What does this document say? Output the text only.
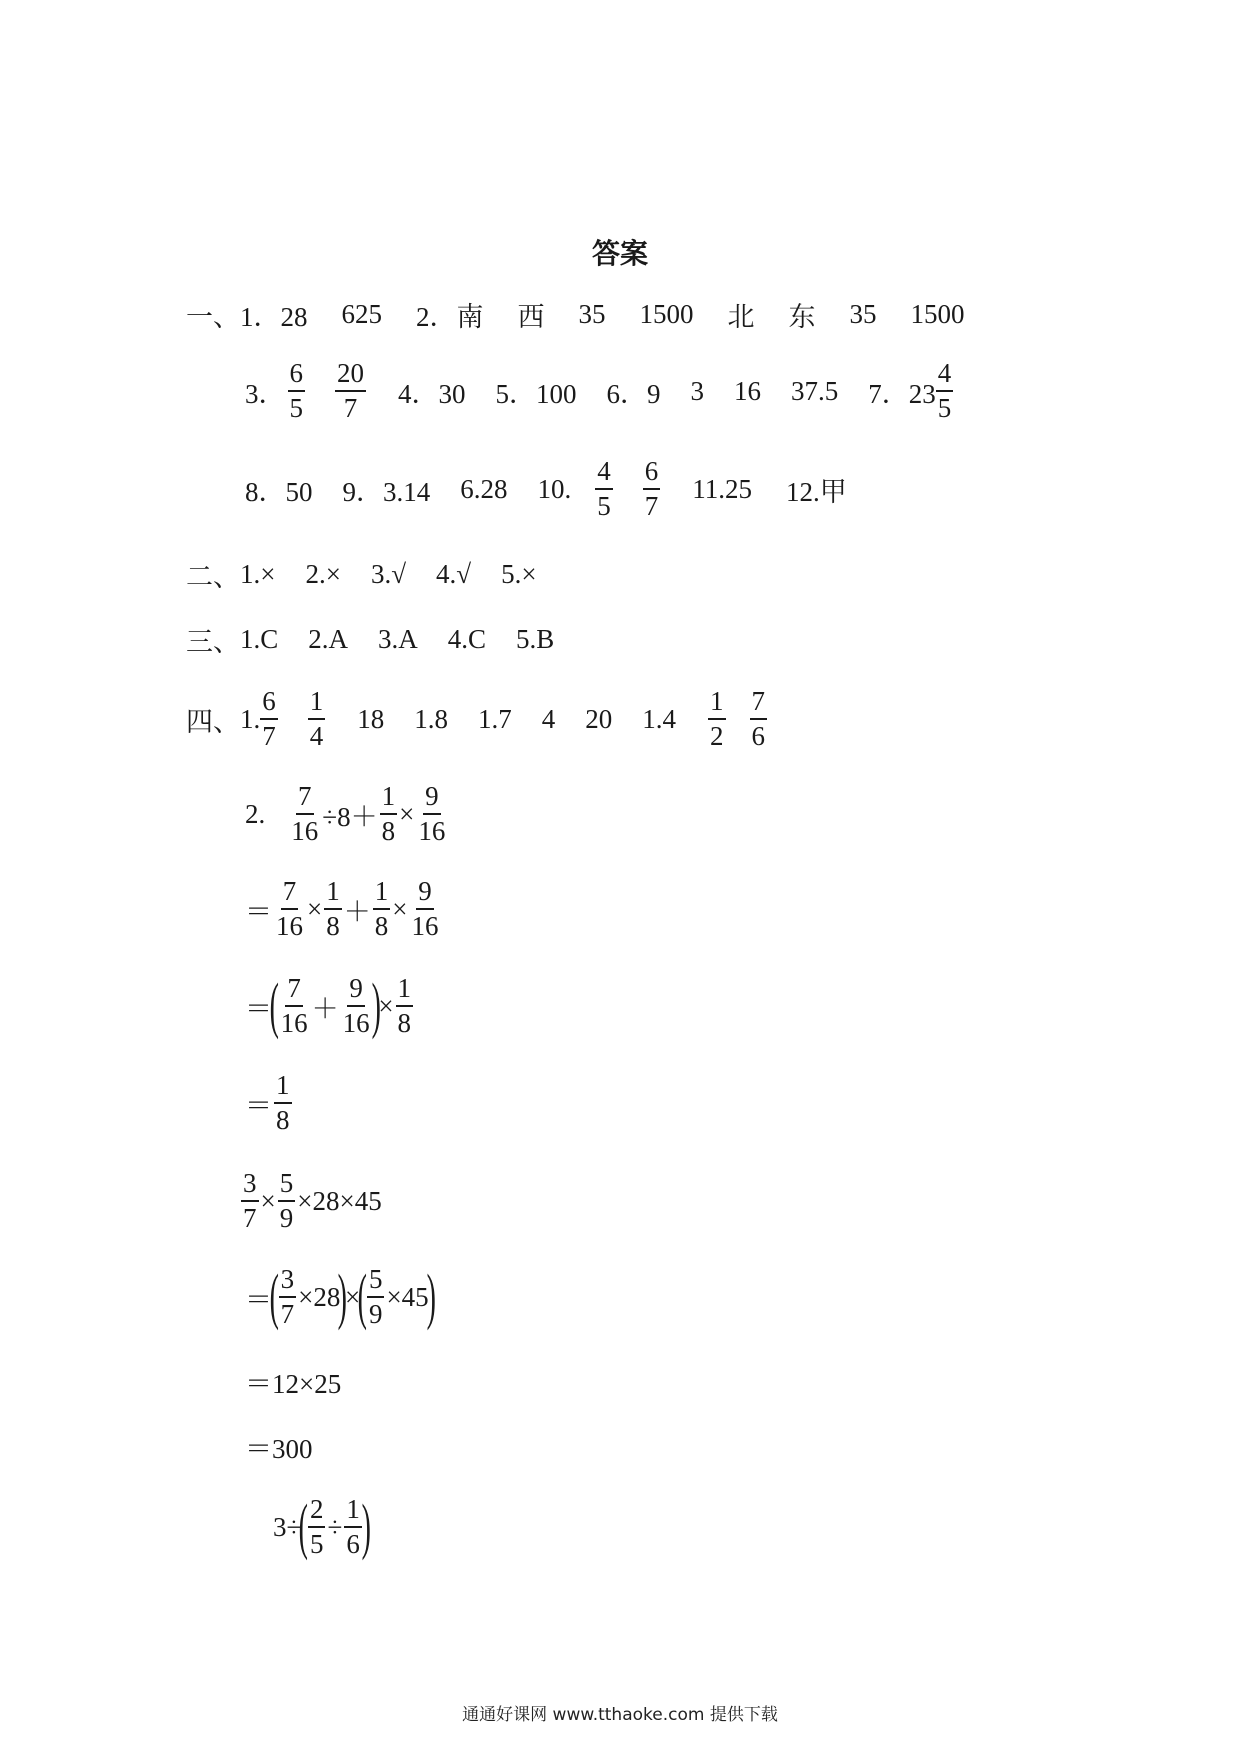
答案
一、 1．28 625 2．南 西 35 1500 北 东 35 1500
3． $\frac{6}{5} \frac{20}{7} 4$．30 5．100 6．9 3 16 37.5 7．$23 \frac{4}{5}$
8．50 9．3.14 6.28 10. $\frac{4}{5} \frac{6}{7} 11.25$ 12.甲
二、 1.× 2.× 3.√ 4.√ 5.×
三、 1.C 2.A 3.A 4.C 5.B
四、 1. $\frac{6}{7} \frac{1}{4} 18$ 1.8 1.7 4 20 $1.4 \frac{1}{2} \frac{7}{6}$
2. $\frac{7}{16} \div 8+ \frac{1}{8} \times \frac{9}{16}$
＝ $\frac{7}{16} \times \frac{1}{8} + \frac{1}{8} \times \frac{9}{16}$
＝
( $\frac{7}{16} + \frac{9}{16}$ )
× $\frac{1}{8}$
＝ $\frac{1}{8}$
$\frac{3}{7} \times \frac{5}{9} \times 28\times 45$
＝
( $\frac{3}{7} \times 28$
)
×
( $\frac{5}{9} \times 45$
)
＝12×25
＝300
3÷
( $\frac{2}{5} \div \frac{1}{6}$ )
通通好课网 www.tthaoke.com 提供下载
